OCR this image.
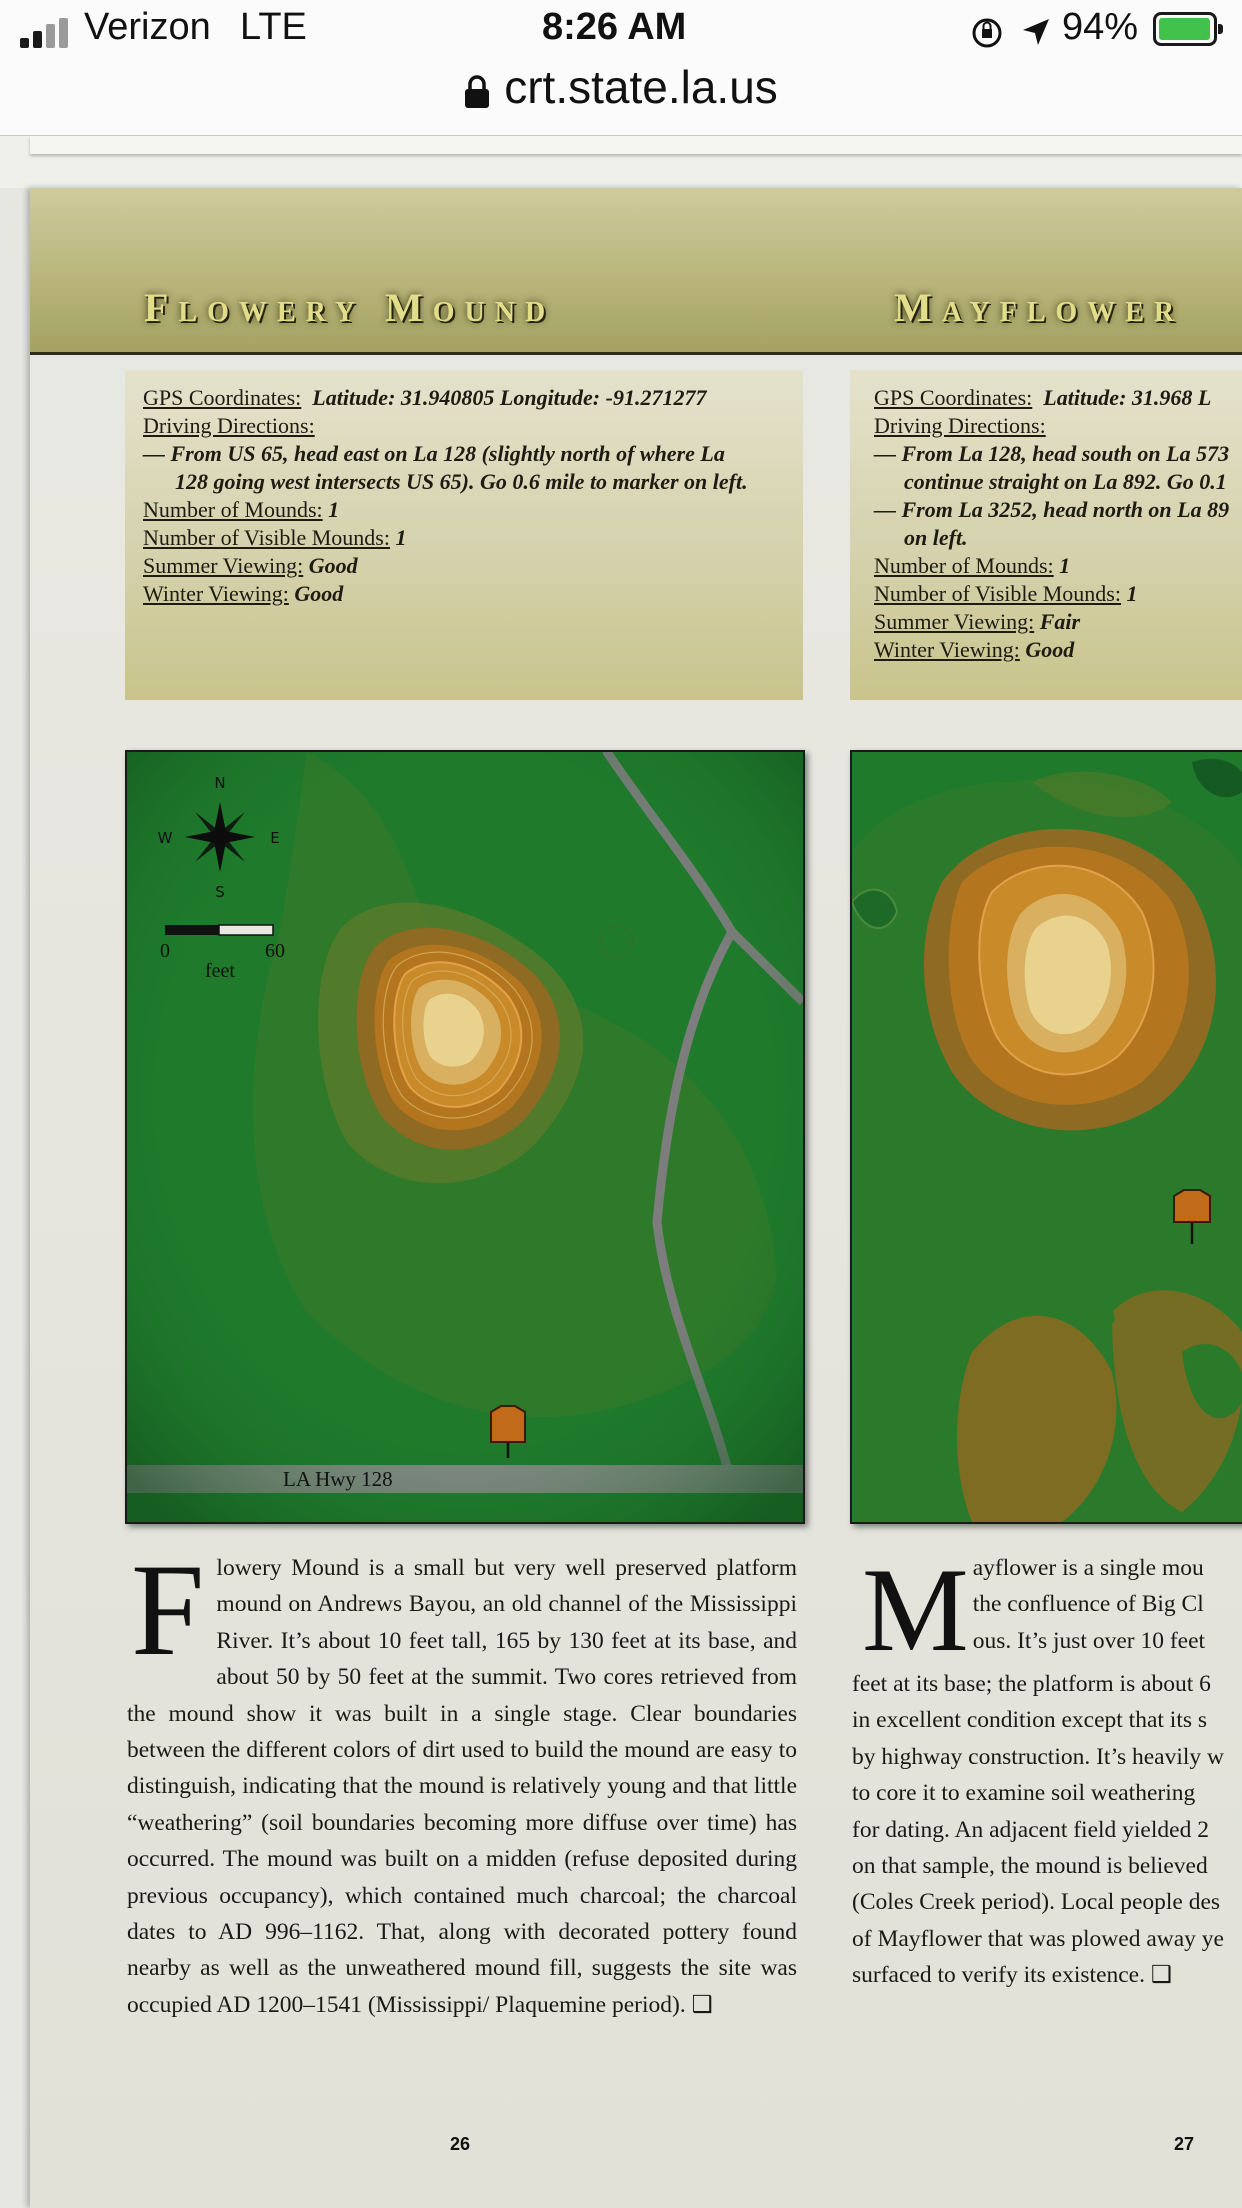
Verizon LTE	8:26 AM	94%
crt.state.la.us
Flowery Mound	Mayflower
GPS Coordinates: Latitude: 31.940805 Longitude: -91.271277
Driving Directions:
— From US 65, head east on La 128 (slightly north of where La
128 going west intersects US 65). Go 0.6 mile to marker on left.
Number of Mounds: 1
Number of Visible Mounds: 1
Summer Viewing: Good
Winter Viewing: Good
GPS Coordinates: Latitude: 31.968 L
Driving Directions:
— From La 128, head south on La 573
continue straight on La 892. Go 0.1
— From La 3252, head north on La 89
on left.
Number of Mounds: 1
Number of Visible Mounds: 1
Summer Viewing: Fair
Winter Viewing: Good
N
S
E
W
0	60
feet
LA Hwy 128
Flowery Mound is a small but very well preserved platform mound on Andrews Bayou, an old channel of the Mississippi River. It’s about 10 feet tall, 165 by 130 feet at its base, and about 50 by 50 feet at the summit. Two cores retrieved from the mound show it was built in a single stage. Clear boundaries between the different colors of dirt used to build the mound are easy to distinguish, indicating that the mound is relatively young and that little “weathering” (soil boundaries becoming more diffuse over time) has occurred. The mound was built on a midden (refuse deposited during previous occupancy), which contained much charcoal; the charcoal dates to AD 996–1162. That, along with decorated pottery found nearby as well as the unweathered mound fill, suggests the site was occupied AD 1200–1541 (Mississippi/ Plaquemine period). ❑
M ayflower is a single mou
the confluence of Big Cl
ous. It’s just over 10 feet
feet at its base; the platform is about 6
in excellent condition except that its s
by highway construction. It’s heavily w
to core it to examine soil weathering
for dating. An adjacent field yielded 2
on that sample, the mound is believed
(Coles Creek period). Local people des
of Mayflower that was plowed away ye
surfaced to verify its existence. ❑
26	27
